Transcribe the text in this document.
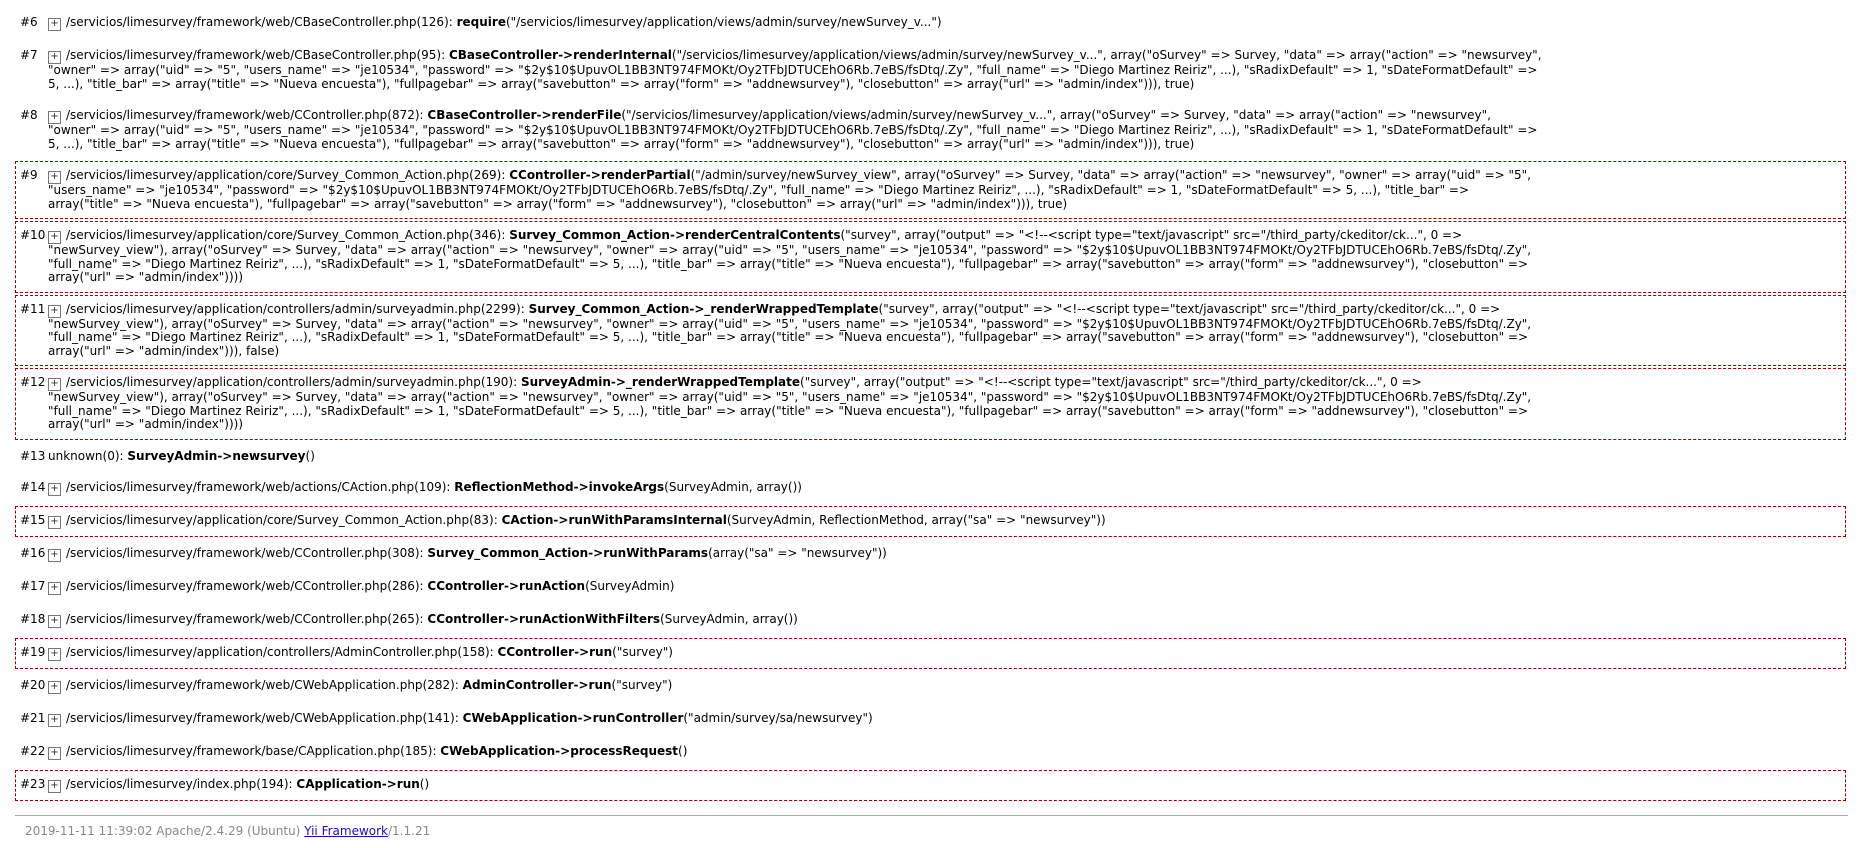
#6	+ /servicios/limesurvey/framework/web/CBaseController.php(126): require("/servicios/limesurvey/application/views/admin/survey/newSurvey_v...")
#7	+ /servicios/limesurvey/framework/web/CBaseController.php(95): CBaseController->renderInternal("/servicios/limesurvey/application/views/admin/survey/newSurvey_v...", array("oSurvey" => Survey, "data" => array("action" => "newsurvey", "owner" => array("uid" => "5", "users_name" => "je10534", "password" => "$2y$10$UpuvOL1BB3NT974FMOKt/Oy2TFbJDTUCEhO6Rb.7eBS/fsDtq/.Zy", "full_name" => "Diego Martinez Reiriz", ...), "sRadixDefault" => 1, "sDateFormatDefault" => 5, ...), "title_bar" => array("title" => "Nueva encuesta"), "fullpagebar" => array("savebutton" => array("form" => "addnewsurvey"), "closebutton" => array("url" => "admin/index"))), true)
#8	+ /servicios/limesurvey/framework/web/CController.php(872): CBaseController->renderFile("/servicios/limesurvey/application/views/admin/survey/newSurvey_v...", array("oSurvey" => Survey, "data" => array("action" => "newsurvey", "owner" => array("uid" => "5", "users_name" => "je10534", "password" => "$2y$10$UpuvOL1BB3NT974FMOKt/Oy2TFbJDTUCEhO6Rb.7eBS/fsDtq/.Zy", "full_name" => "Diego Martinez Reiriz", ...), "sRadixDefault" => 1, "sDateFormatDefault" => 5, ...), "title_bar" => array("title" => "Nueva encuesta"), "fullpagebar" => array("savebutton" => array("form" => "addnewsurvey"), "closebutton" => array("url" => "admin/index"))), true)
#9	+ /servicios/limesurvey/application/core/Survey_Common_Action.php(269): CController->renderPartial("/admin/survey/newSurvey_view", array("oSurvey" => Survey, "data" => array("action" => "newsurvey", "owner" => array("uid" => "5", "users_name" => "je10534", "password" => "$2y$10$UpuvOL1BB3NT974FMOKt/Oy2TFbJDTUCEhO6Rb.7eBS/fsDtq/.Zy", "full_name" => "Diego Martinez Reiriz", ...), "sRadixDefault" => 1, "sDateFormatDefault" => 5, ...), "title_bar" => array("title" => "Nueva encuesta"), "fullpagebar" => array("savebutton" => array("form" => "addnewsurvey"), "closebutton" => array("url" => "admin/index"))), true)
#10 + /servicios/limesurvey/application/core/Survey_Common_Action.php(346): Survey_Common_Action->renderCentralContents("survey", array("output" => "<!--<script type="text/javascript" src="/third_party/ckeditor/ck...", 0 => "newSurvey_view"), array("oSurvey" => Survey, "data" => array("action" => "newsurvey", "owner" => array("uid" => "5", "users_name" => "je10534", "password" => "$2y$10$UpuvOL1BB3NT974FMOKt/Oy2TFbJDTUCEhO6Rb.7eBS/fsDtq/.Zy", "full_name" => "Diego Martinez Reiriz", ...), "sRadixDefault" => 1, "sDateFormatDefault" => 5, ...), "title_bar" => array("title" => "Nueva encuesta"), "fullpagebar" => array("savebutton" => array("form" => "addnewsurvey"), "closebutton" => array("url" => "admin/index"))))
#11 + /servicios/limesurvey/application/controllers/admin/surveyadmin.php(2299): Survey_Common_Action->_renderWrappedTemplate("survey", array("output" => "<!--<script type="text/javascript" src="/third_party/ckeditor/ck...", 0 => "newSurvey_view"), array("oSurvey" => Survey, "data" => array("action" => "newsurvey", "owner" => array("uid" => "5", "users_name" => "je10534", "password" => "$2y$10$UpuvOL1BB3NT974FMOKt/Oy2TFbJDTUCEhO6Rb.7eBS/fsDtq/.Zy", "full_name" => "Diego Martinez Reiriz", ...), "sRadixDefault" => 1, "sDateFormatDefault" => 5, ...), "title_bar" => array("title" => "Nueva encuesta"), "fullpagebar" => array("savebutton" => array("form" => "addnewsurvey"), "closebutton" => array("url" => "admin/index"))), false)
#12 + /servicios/limesurvey/application/controllers/admin/surveyadmin.php(190): SurveyAdmin->_renderWrappedTemplate("survey", array("output" => "<!--<script type="text/javascript" src="/third_party/ckeditor/ck...", 0 => "newSurvey_view"), array("oSurvey" => Survey, "data" => array("action" => "newsurvey", "owner" => array("uid" => "5", "users_name" => "je10534", "password" => "$2y$10$UpuvOL1BB3NT974FMOKt/Oy2TFbJDTUCEhO6Rb.7eBS/fsDtq/.Zy", "full_name" => "Diego Martinez Reiriz", ...), "sRadixDefault" => 1, "sDateFormatDefault" => 5, ...), "title_bar" => array("title" => "Nueva encuesta"), "fullpagebar" => array("savebutton" => array("form" => "addnewsurvey"), "closebutton" => array("url" => "admin/index"))))
#13 unknown(0): SurveyAdmin->newsurvey()
#14 + /servicios/limesurvey/framework/web/actions/CAction.php(109): ReflectionMethod->invokeArgs(SurveyAdmin, array())
#15 + /servicios/limesurvey/application/core/Survey_Common_Action.php(83): CAction->runWithParamsInternal(SurveyAdmin, ReflectionMethod, array("sa" => "newsurvey"))
#16 + /servicios/limesurvey/framework/web/CController.php(308): Survey_Common_Action->runWithParams(array("sa" => "newsurvey"))
#17 + /servicios/limesurvey/framework/web/CController.php(286): CController->runAction(SurveyAdmin)
#18 + /servicios/limesurvey/framework/web/CController.php(265): CController->runActionWithFilters(SurveyAdmin, array())
#19 + /servicios/limesurvey/application/controllers/AdminController.php(158): CController->run("survey")
#20 + /servicios/limesurvey/framework/web/CWebApplication.php(282): AdminController->run("survey")
#21 + /servicios/limesurvey/framework/web/CWebApplication.php(141): CWebApplication->runController("admin/survey/sa/newsurvey")
#22 + /servicios/limesurvey/framework/base/CApplication.php(185): CWebApplication->processRequest()
#23 + /servicios/limesurvey/index.php(194): CApplication->run()
2019-11-11 11:39:02 Apache/2.4.29 (Ubuntu) Yii Framework/1.1.21
